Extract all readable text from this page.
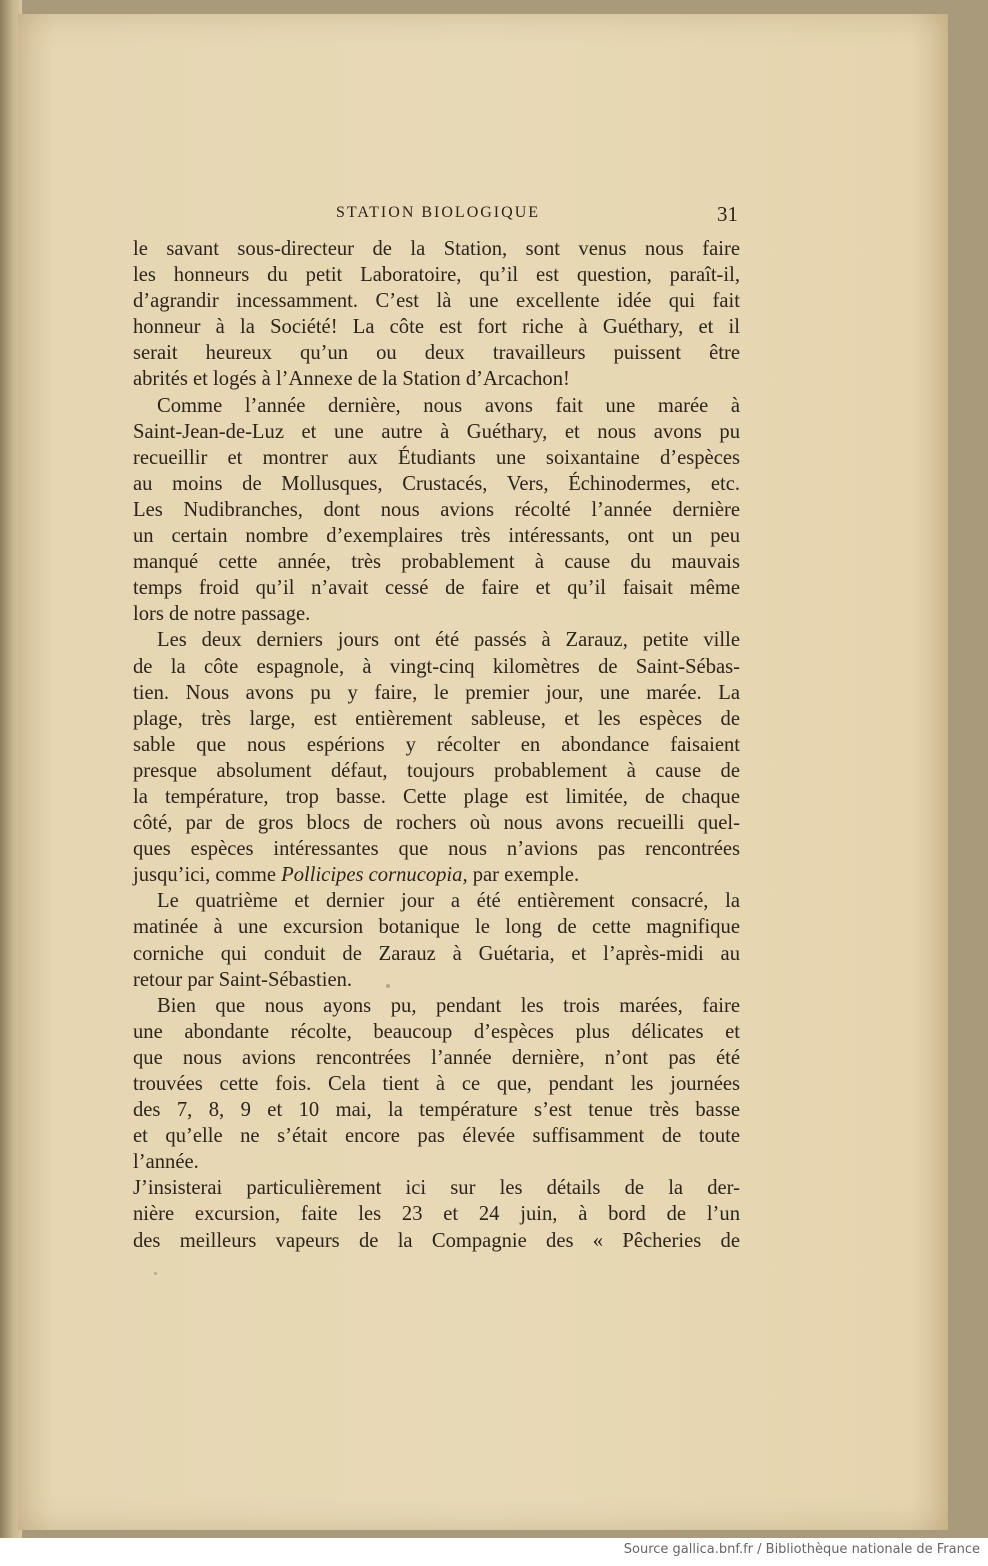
STATION BIOLOGIQUE	31
le savant sous-directeur de la Station, sont venus nous faire
les honneurs du petit Laboratoire, qu’il est question, paraît-il,
d’agrandir incessamment. C’est là une excellente idée qui fait
honneur à la Société! La côte est fort riche à Guéthary, et il
serait heureux qu’un ou deux travailleurs puissent être
abrités et logés à l’Annexe de la Station d’Arcachon!
Comme l’année dernière, nous avons fait une marée à
Saint-Jean-de-Luz et une autre à Guéthary, et nous avons pu
recueillir et montrer aux Étudiants une soixantaine d’espèces
au moins de Mollusques, Crustacés, Vers, Échinodermes, etc.
Les Nudibranches, dont nous avions récolté l’année dernière
un certain nombre d’exemplaires très intéressants, ont un peu
manqué cette année, très probablement à cause du mauvais
temps froid qu’il n’avait cessé de faire et qu’il faisait même
lors de notre passage.
Les deux derniers jours ont été passés à Zarauz, petite ville
de la côte espagnole, à vingt-cinq kilomètres de Saint-Sébas-
tien. Nous avons pu y faire, le premier jour, une marée. La
plage, très large, est entièrement sableuse, et les espèces de
sable que nous espérions y récolter en abondance faisaient
presque absolument défaut, toujours probablement à cause de
la température, trop basse. Cette plage est limitée, de chaque
côté, par de gros blocs de rochers où nous avons recueilli quel-
ques espèces intéressantes que nous n’avions pas rencontrées
jusqu’ici, comme Pollicipes cornucopia, par exemple.
Le quatrième et dernier jour a été entièrement consacré, la
matinée à une excursion botanique le long de cette magnifique
corniche qui conduit de Zarauz à Guétaria, et l’après-midi au
retour par Saint-Sébastien.
Bien que nous ayons pu, pendant les trois marées, faire
une abondante récolte, beaucoup d’espèces plus délicates et
que nous avions rencontrées l’année dernière, n’ont pas été
trouvées cette fois. Cela tient à ce que, pendant les journées
des 7, 8, 9 et 10 mai, la température s’est tenue très basse
et qu’elle ne s’était encore pas élevée suffisamment de toute
l’année.
J’insisterai particulièrement ici sur les détails de la der-
nière excursion, faite les 23 et 24 juin, à bord de l’un
des meilleurs vapeurs de la Compagnie des « Pêcheries de
Source gallica.bnf.fr / Bibliothèque nationale de France
